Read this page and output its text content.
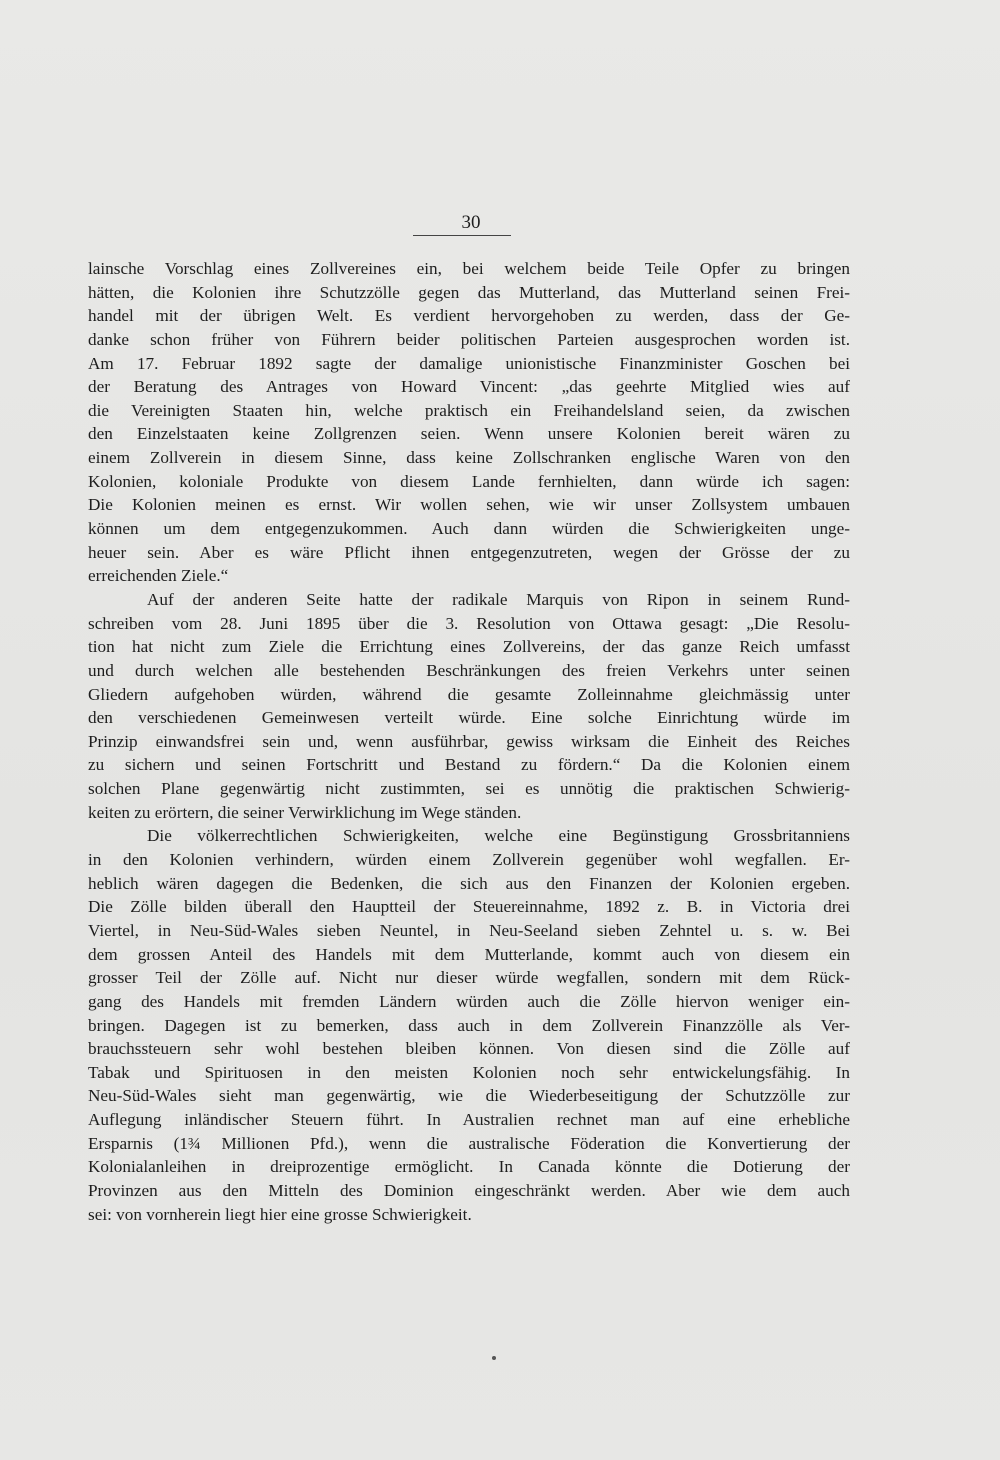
30
lainsche Vorschlag eines Zollvereines ein, bei welchem beide Teile Opfer zu bringen
hätten, die Kolonien ihre Schutzzölle gegen das Mutterland, das Mutterland seinen Frei-
handel mit der übrigen Welt. Es verdient hervorgehoben zu werden, dass der Ge-
danke schon früher von Führern beider politischen Parteien ausgesprochen worden ist.
Am 17. Februar 1892 sagte der damalige unionistische Finanzminister Goschen bei
der Beratung des Antrages von Howard Vincent: „das geehrte Mitglied wies auf
die Vereinigten Staaten hin, welche praktisch ein Freihandelsland seien, da zwischen
den Einzelstaaten keine Zollgrenzen seien. Wenn unsere Kolonien bereit wären zu
einem Zollverein in diesem Sinne, dass keine Zollschranken englische Waren von den
Kolonien, koloniale Produkte von diesem Lande fernhielten, dann würde ich sagen:
Die Kolonien meinen es ernst. Wir wollen sehen, wie wir unser Zollsystem umbauen
können um dem entgegenzukommen. Auch dann würden die Schwierigkeiten unge-
heuer sein. Aber es wäre Pflicht ihnen entgegenzutreten, wegen der Grösse der zu
erreichenden Ziele.“
Auf der anderen Seite hatte der radikale Marquis von Ripon in seinem Rund-
schreiben vom 28. Juni 1895 über die 3. Resolution von Ottawa gesagt: „Die Resolu-
tion hat nicht zum Ziele die Errichtung eines Zollvereins, der das ganze Reich umfasst
und durch welchen alle bestehenden Beschränkungen des freien Verkehrs unter seinen
Gliedern aufgehoben würden, während die gesamte Zolleinnahme gleichmässig unter
den verschiedenen Gemeinwesen verteilt würde. Eine solche Einrichtung würde im
Prinzip einwandsfrei sein und, wenn ausführbar, gewiss wirksam die Einheit des Reiches
zu sichern und seinen Fortschritt und Bestand zu fördern.“ Da die Kolonien einem
solchen Plane gegenwärtig nicht zustimmten, sei es unnötig die praktischen Schwierig-
keiten zu erörtern, die seiner Verwirklichung im Wege ständen.
Die völkerrechtlichen Schwierigkeiten, welche eine Begünstigung Grossbritanniens
in den Kolonien verhindern, würden einem Zollverein gegenüber wohl wegfallen. Er-
heblich wären dagegen die Bedenken, die sich aus den Finanzen der Kolonien ergeben.
Die Zölle bilden überall den Hauptteil der Steuereinnahme, 1892 z. B. in Victoria drei
Viertel, in Neu-Süd-Wales sieben Neuntel, in Neu-Seeland sieben Zehntel u. s. w. Bei
dem grossen Anteil des Handels mit dem Mutterlande, kommt auch von diesem ein
grosser Teil der Zölle auf. Nicht nur dieser würde wegfallen, sondern mit dem Rück-
gang des Handels mit fremden Ländern würden auch die Zölle hiervon weniger ein-
bringen. Dagegen ist zu bemerken, dass auch in dem Zollverein Finanzzölle als Ver-
brauchssteuern sehr wohl bestehen bleiben können. Von diesen sind die Zölle auf
Tabak und Spirituosen in den meisten Kolonien noch sehr entwickelungsfähig. In
Neu-Süd-Wales sieht man gegenwärtig, wie die Wiederbeseitigung der Schutzzölle zur
Auflegung inländischer Steuern führt. In Australien rechnet man auf eine erhebliche
Ersparnis (1¾ Millionen Pfd.), wenn die australische Föderation die Konvertierung der
Kolonialanleihen in dreiprozentige ermöglicht. In Canada könnte die Dotierung der
Provinzen aus den Mitteln des Dominion eingeschränkt werden. Aber wie dem auch
sei: von vornherein liegt hier eine grosse Schwierigkeit.
